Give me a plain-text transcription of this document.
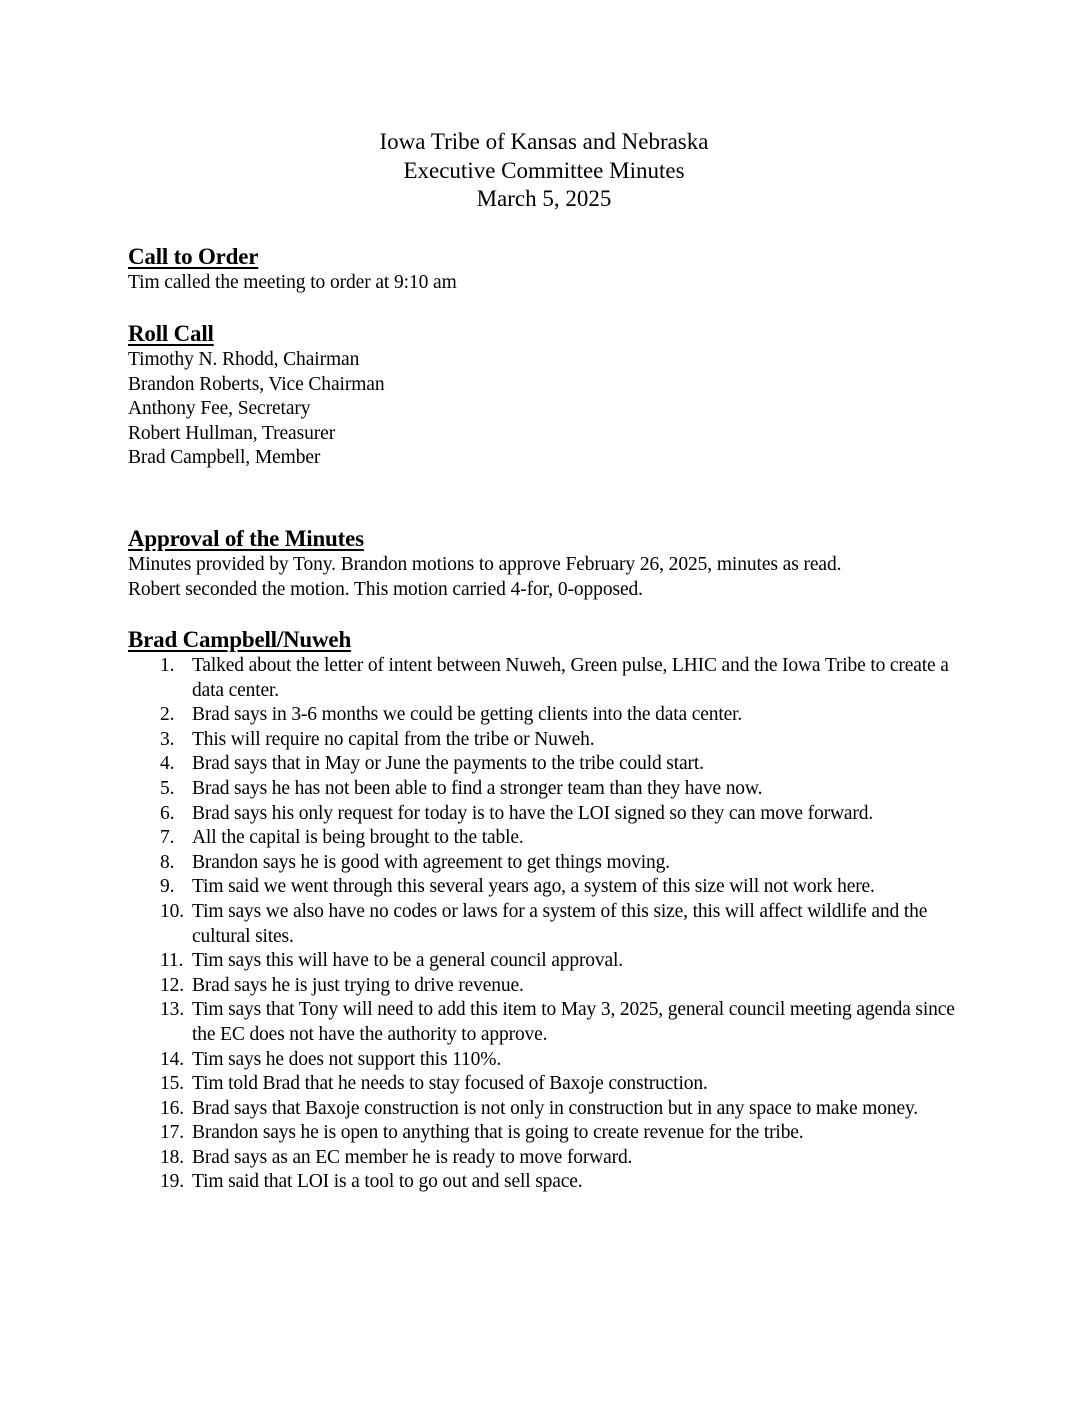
Iowa Tribe of Kansas and Nebraska
Executive Committee Minutes
March 5, 2025
Call to Order
Tim called the meeting to order at 9:10 am
Roll Call
Timothy N. Rhodd, Chairman
Brandon Roberts, Vice Chairman
Anthony Fee, Secretary
Robert Hullman, Treasurer
Brad Campbell, Member
Approval of the Minutes
Minutes provided by Tony. Brandon motions to approve February 26, 2025, minutes as read.
Robert seconded the motion. This motion carried 4-for, 0-opposed.
Brad Campbell/Nuweh
1. Talked about the letter of intent between Nuweh, Green pulse, LHIC and the Iowa Tribe to create a data center.
2. Brad says in 3-6 months we could be getting clients into the data center.
3. This will require no capital from the tribe or Nuweh.
4. Brad says that in May or June the payments to the tribe could start.
5. Brad says he has not been able to find a stronger team than they have now.
6. Brad says his only request for today is to have the LOI signed so they can move forward.
7. All the capital is being brought to the table.
8. Brandon says he is good with agreement to get things moving.
9. Tim said we went through this several years ago, a system of this size will not work here.
10. Tim says we also have no codes or laws for a system of this size, this will affect wildlife and the cultural sites.
11. Tim says this will have to be a general council approval.
12. Brad says he is just trying to drive revenue.
13. Tim says that Tony will need to add this item to May 3, 2025, general council meeting agenda since the EC does not have the authority to approve.
14. Tim says he does not support this 110%.
15. Tim told Brad that he needs to stay focused of Baxoje construction.
16. Brad says that Baxoje construction is not only in construction but in any space to make money.
17. Brandon says he is open to anything that is going to create revenue for the tribe.
18. Brad says as an EC member he is ready to move forward.
19. Tim said that LOI is a tool to go out and sell space.
